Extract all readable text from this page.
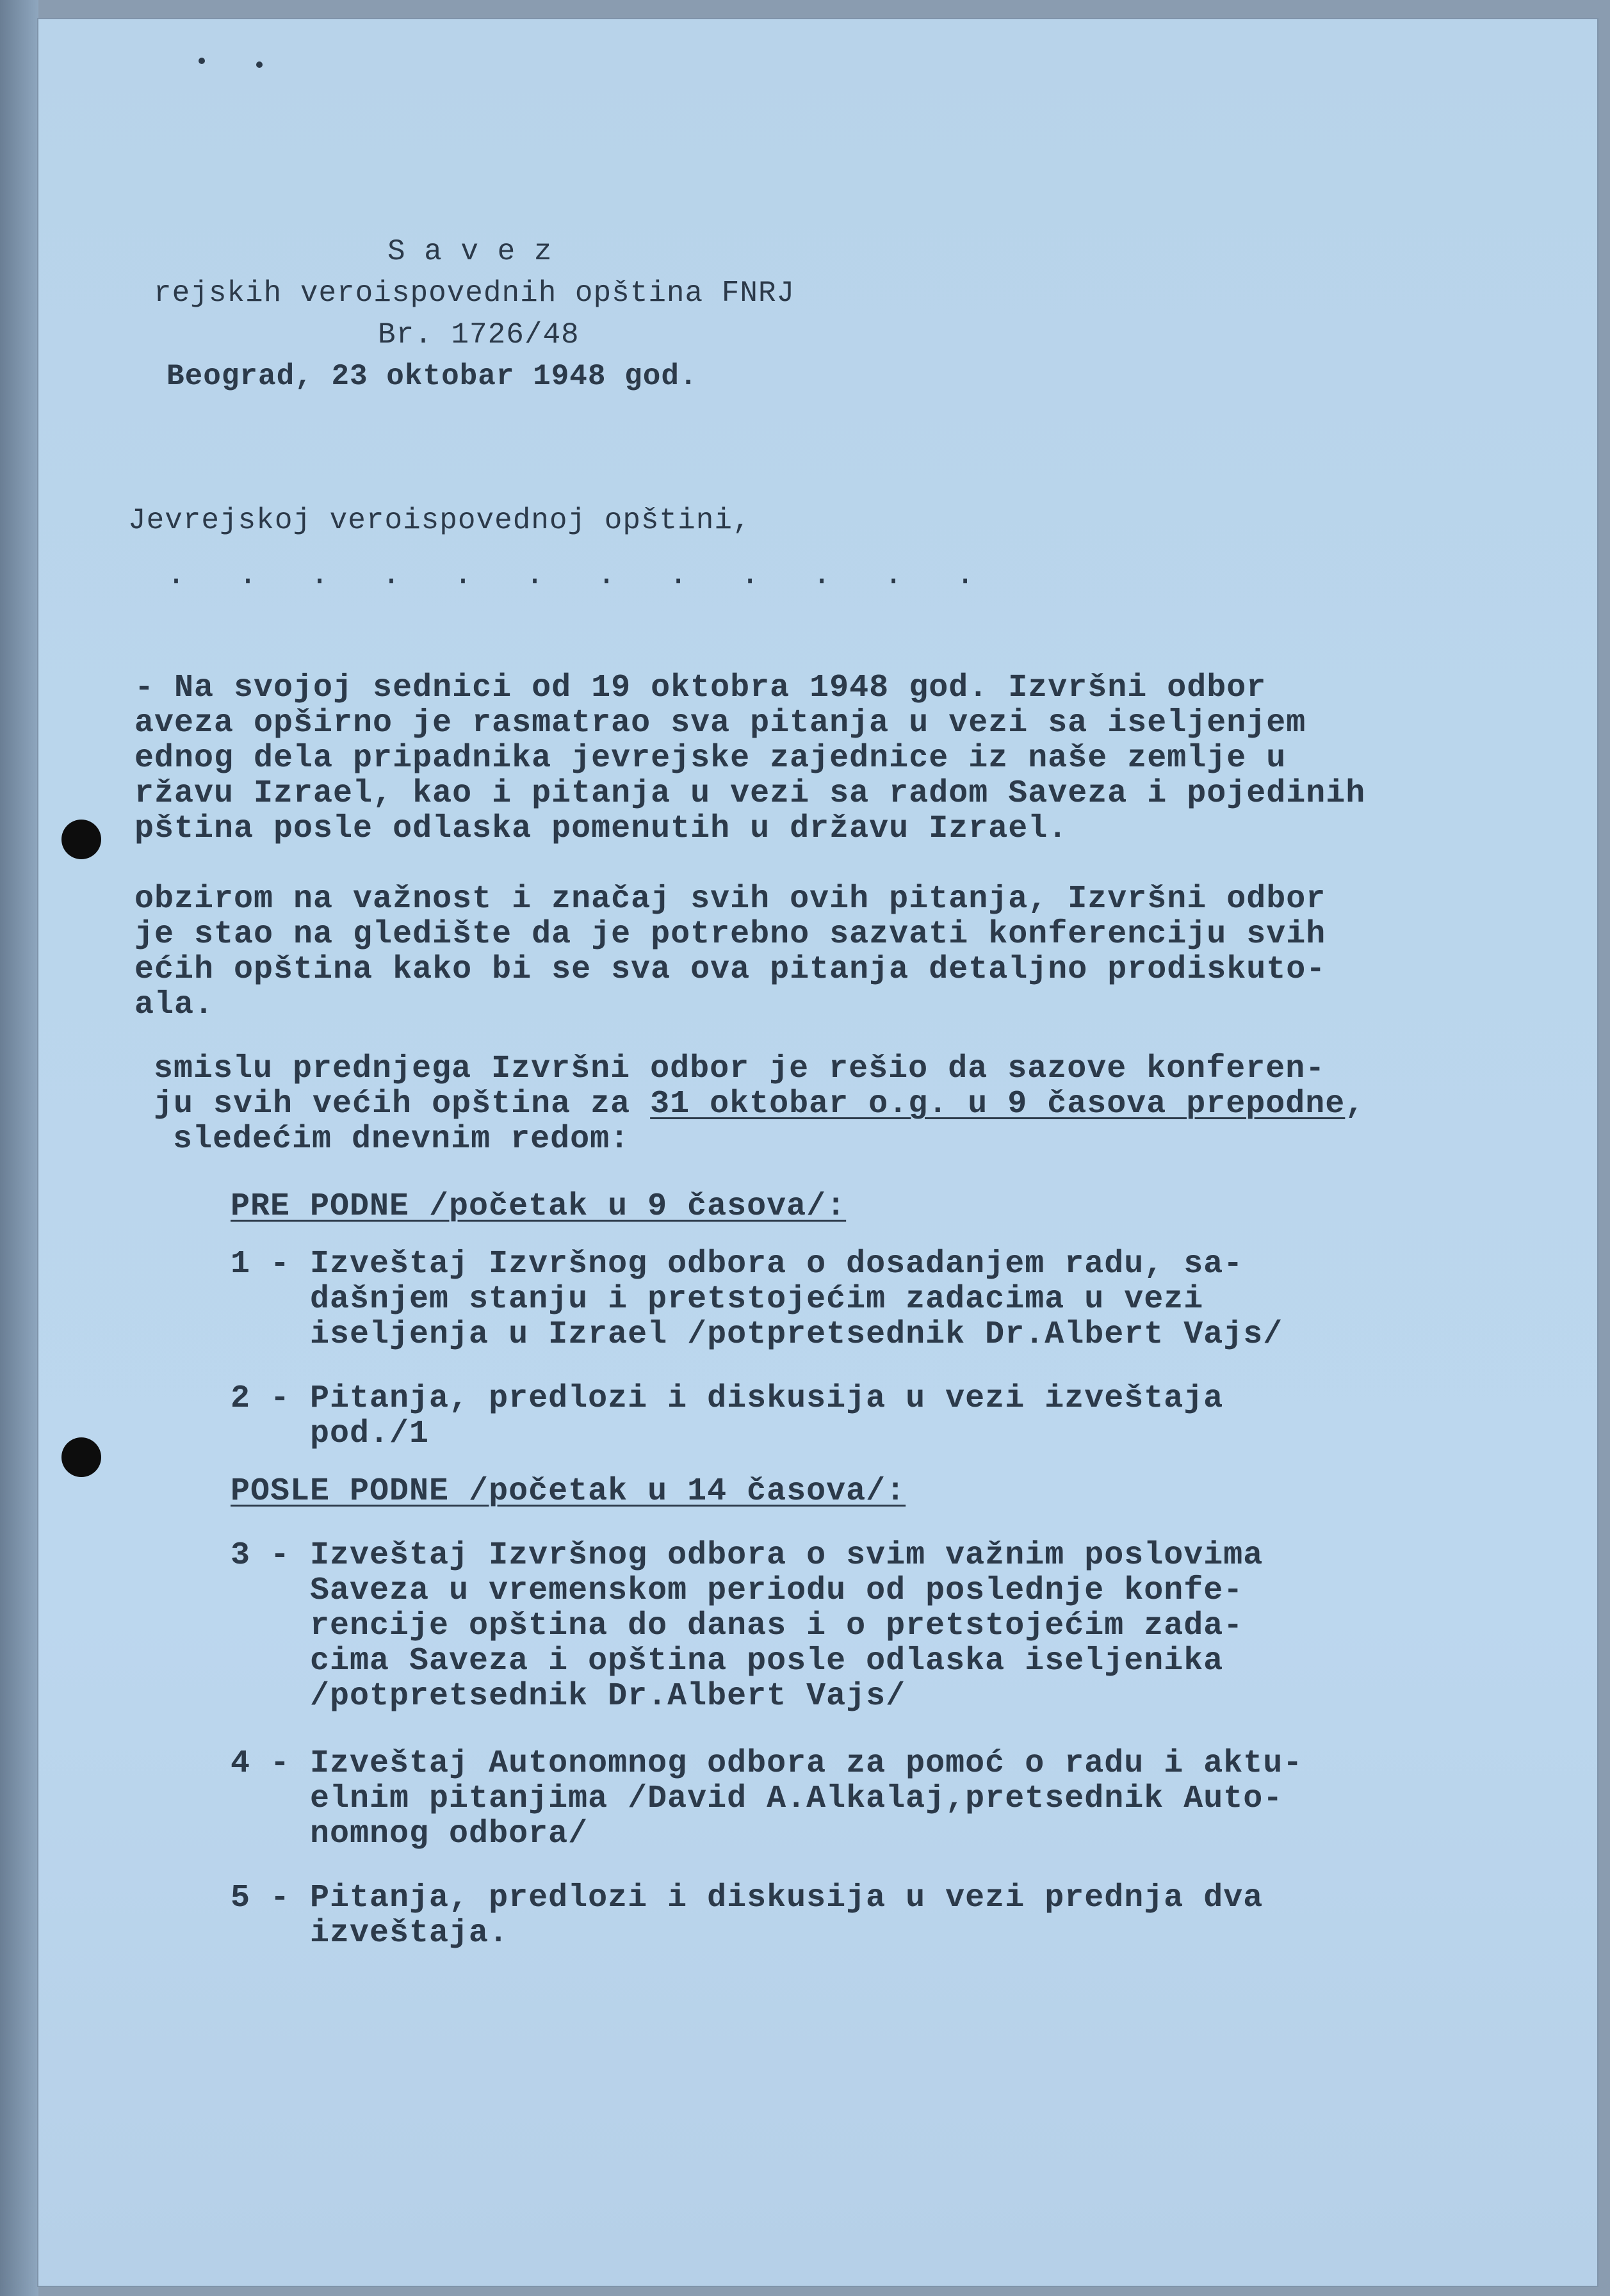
S a v e z
rejskih veroispovednih opština FNRJ
Br. 1726/48
Beograd, 23 oktobar 1948 god.
Jevrejskoj veroispovednoj opštini,
. . . . . . . . . . . .
- Na svojoj sednici od 19 oktobra 1948 god. Izvršni odbor
aveza opširno je rasmatrao sva pitanja u vezi sa iseljenjem
ednog dela pripadnika jevrejske zajednice iz naše zemlje u
ržavu Izrael, kao i pitanja u vezi sa radom Saveza i pojedinih
pština posle odlaska pomenutih u državu Izrael.
obzirom na važnost i značaj svih ovih pitanja, Izvršni odbor
je stao na gledište da je potrebno sazvati konferenciju svih
ećih opština kako bi se sva ova pitanja detaljno prodiskuto-
ala.
smislu prednjega Izvršni odbor je rešio da sazove konferen-
ju svih većih opština za 31 oktobar o.g. u 9 časova prepodne,
sledećim dnevnim redom:
PRE PODNE /početak u 9 časova/:
1 - Izveštaj Izvršnog odbora o dosadanjem radu, sa-
dašnjem stanju i pretstojećim zadacima u vezi
iseljenja u Izrael /potpretsednik Dr.Albert Vajs/
2 - Pitanja, predlozi i diskusija u vezi izveštaja
pod./1
POSLE PODNE /početak u 14 časova/:
3 - Izveštaj Izvršnog odbora o svim važnim poslovima
Saveza u vremenskom periodu od poslednje konfe-
rencije opština do danas i o pretstojećim zada-
cima Saveza i opština posle odlaska iseljenika
/potpretsednik Dr.Albert Vajs/
4 - Izveštaj Autonomnog odbora za pomoć o radu i aktu-
elnim pitanjima /David A.Alkalaj,pretsednik Auto-
nomnog odbora/
5 - Pitanja, predlozi i diskusija u vezi prednja dva
izveštaja.
